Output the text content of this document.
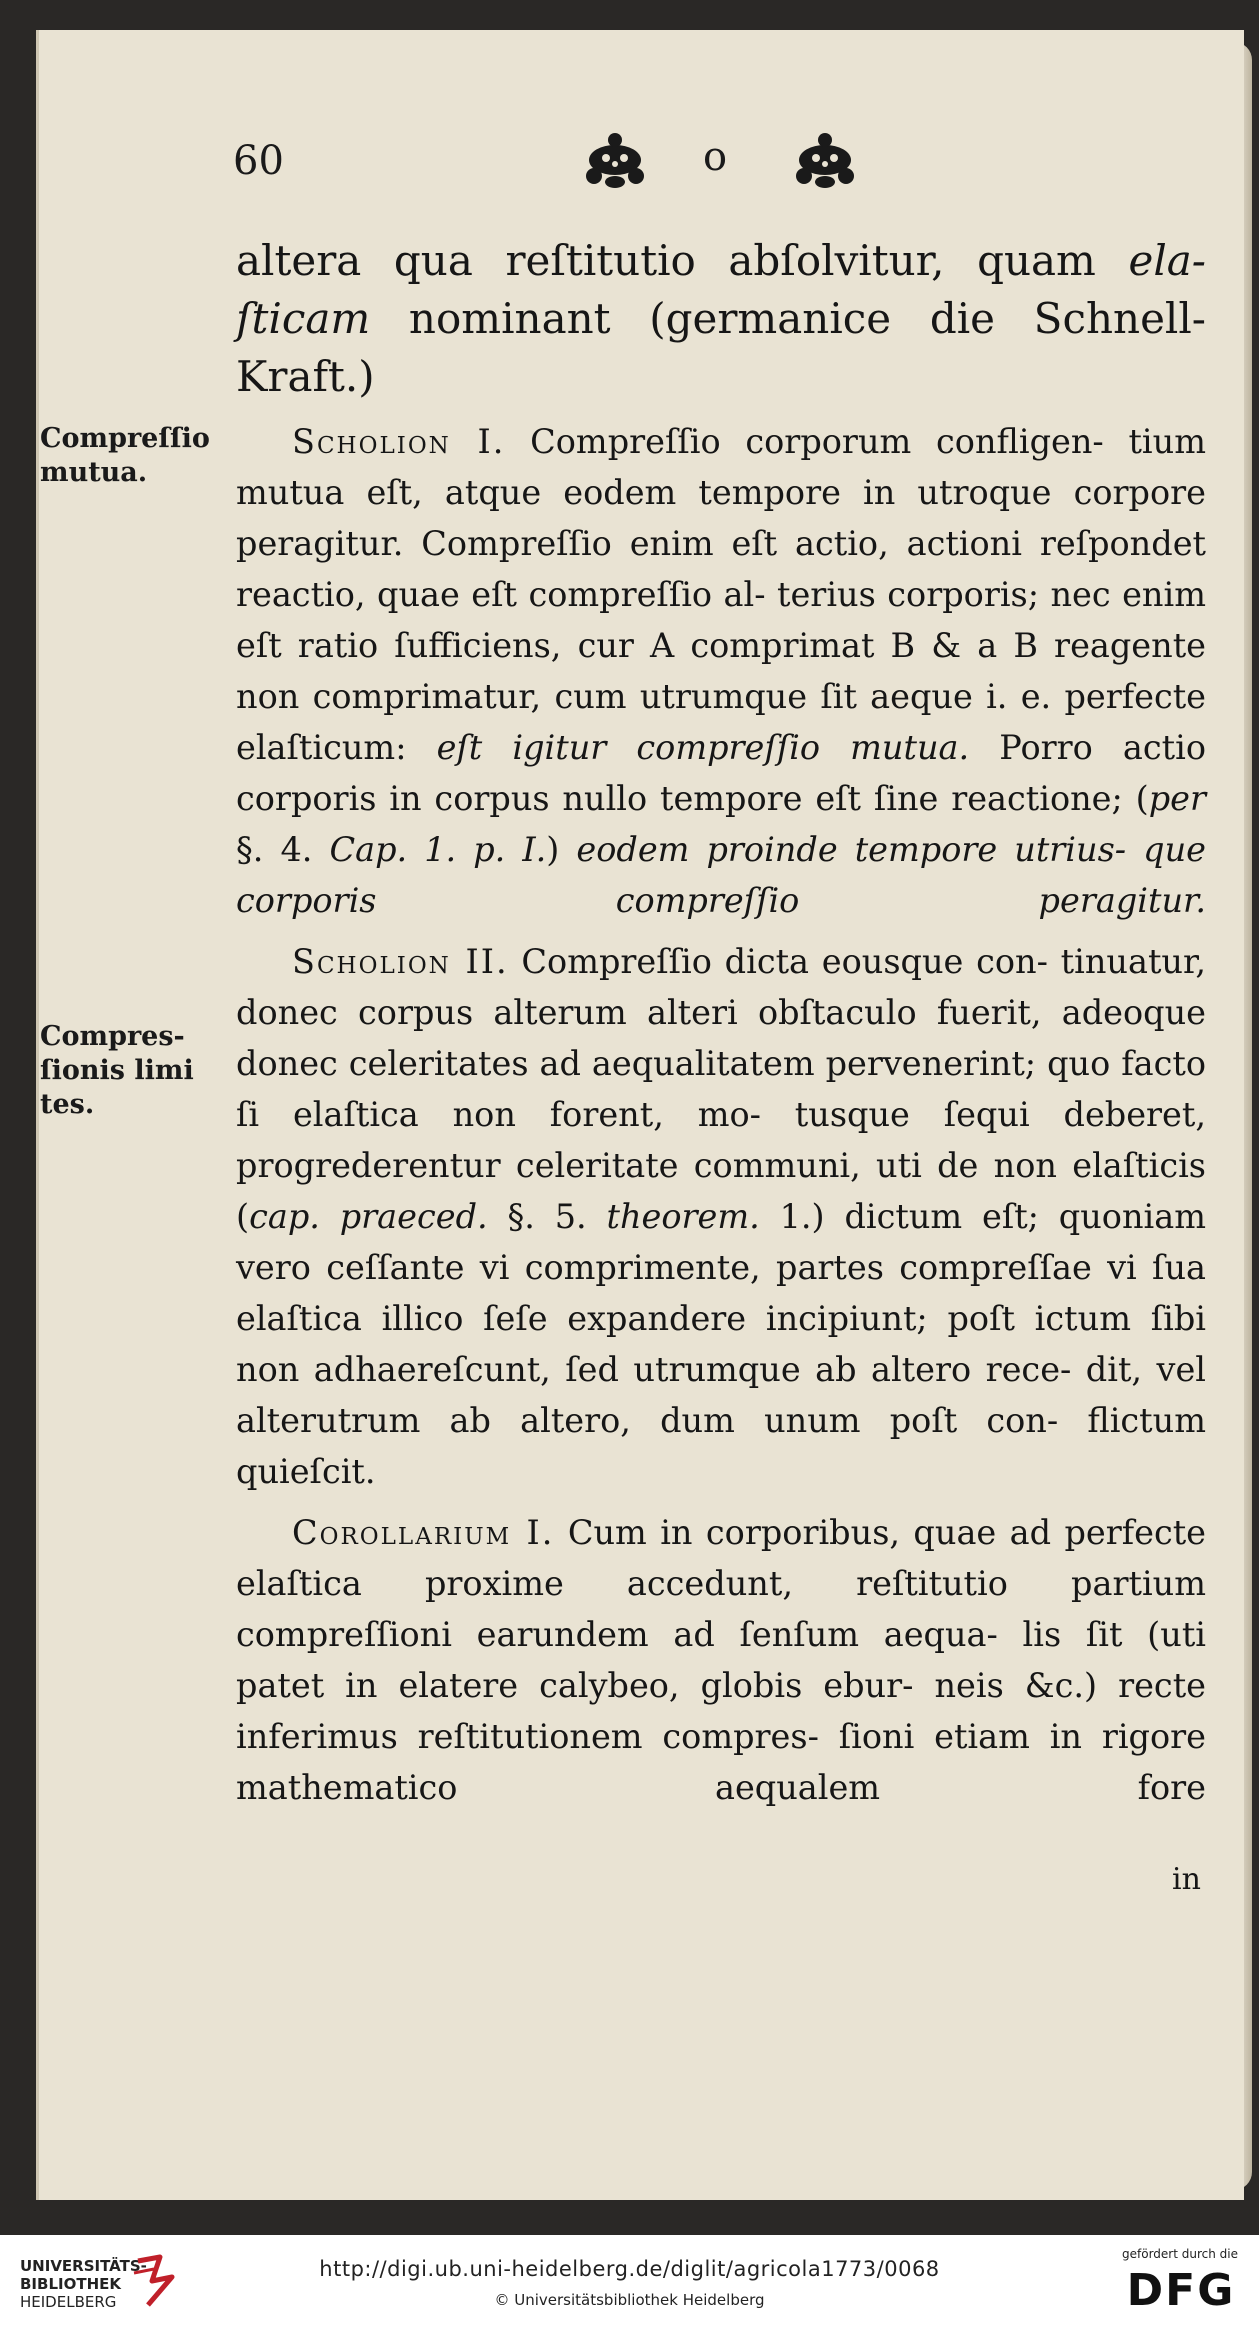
60	o
Compreſſio
mutua.
Compres-
ſionis limi
tes.

altera qua reſtitutio abſolvitur, quam ela- ſticam nominant (germanice die Schnell-
Kraft.)

Scholion I. Compreſſio corporum confligen- tium mutua eſt, atque eodem tempore in utroque corpore peragitur. Compreſſio enim eſt actio, actioni reſpondet reactio, quae eſt compreſſio al- terius corporis; nec enim eſt ratio ſufficiens, cur A comprimat B & a B reagente non comprimatur, cum utrumque ſit aeque i. e. perfecte elaſticum: eſt igitur compreſſio mutua. Porro actio corporis in corpus nullo tempore eſt ſine reactione; (per §. 4. Cap. 1. p. I.) eodem proinde tempore utrius- que corporis compreſſio peragitur.

Scholion II. Compreſſio dicta eousque con- tinuatur, donec corpus alterum alteri obſtaculo fuerit, adeoque donec celeritates ad aequalitatem pervenerint; quo facto ſi elaſtica non forent, mo- tusque ſequi deberet, progrederentur celeritate communi, uti de non elaſticis (cap. praeced. §. 5. theorem. 1.) dictum eſt; quoniam vero ceſſante vi comprimente, partes compreſſae vi ſua elaſtica illico ſeſe expandere incipiunt; poſt ictum ſibi non adhaereſcunt, ſed utrumque ab altero rece- dit, vel alterutrum ab altero, dum unum poſt con- flictum quieſcit.

Corollarium I. Cum in corporibus, quae ad perfecte elaſtica proxime accedunt, reſtitutio partium compreſſioni earundem ad ſenſum aequa- lis ſit (uti patet in elatere calybeo, globis ebur- neis &c.) recte inferimus reſtitutionem compres- ſioni etiam in rigore mathematico aequalem fore

in
UNIVERSITÄTS-
BIBLIOTHEK
HEIDELBERG
http://digi.ub.uni-heidelberg.de/diglit/agricola1773/0068
© Universitätsbibliothek Heidelberg
gefördert durch die
DFG
